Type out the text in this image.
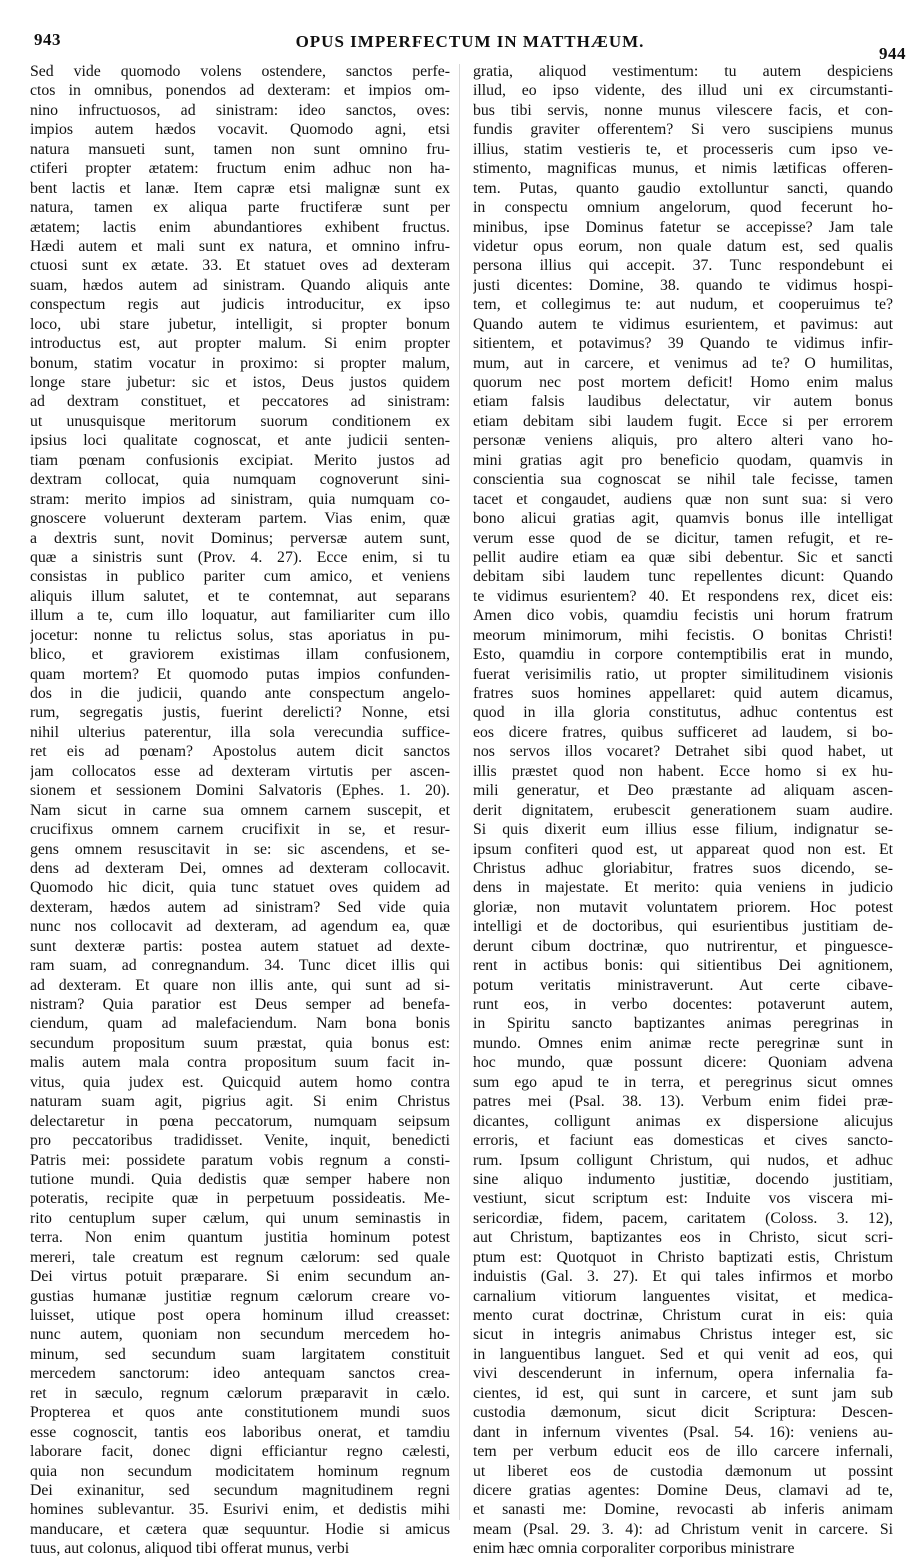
943	OPUS IMPERFECTUM IN MATTHÆUM.
944
Sed vide quomodo volens ostendere, sanctos perfe-
ctos in omnibus, ponendos ad dexteram: et impios om-
nino infructuosos, ad sinistram: ideo sanctos, oves:
impios autem hædos vocavit. Quomodo agni, etsi
natura mansueti sunt, tamen non sunt omnino fru-
ctiferi propter ætatem: fructum enim adhuc non ha-
bent lactis et lanæ. Item capræ etsi malignæ sunt ex
natura, tamen ex aliqua parte fructiferæ sunt per
ætatem; lactis enim abundantiores exhibent fructus.
Hædi autem et mali sunt ex natura, et omnino infru-
ctuosi sunt ex ætate. 33. Et statuet oves ad dexteram
suam, hædos autem ad sinistram. Quando aliquis ante
conspectum regis aut judicis introducitur, ex ipso
loco, ubi stare jubetur, intelligit, si propter bonum
introductus est, aut propter malum. Si enim propter
bonum, statim vocatur in proximo: si propter malum,
longe stare jubetur: sic et istos, Deus justos quidem
ad dextram constituet, et peccatores ad sinistram:
ut unusquisque meritorum suorum conditionem ex
ipsius loci qualitate cognoscat, et ante judicii senten-
tiam pœnam confusionis excipiat. Merito justos ad
dextram collocat, quia numquam cognoverunt sini-
stram: merito impios ad sinistram, quia numquam co-
gnoscere voluerunt dexteram partem. Vias enim, quæ
a dextris sunt, novit Dominus; perversæ autem sunt,
quæ a sinistris sunt (Prov. 4. 27). Ecce enim, si tu
consistas in publico pariter cum amico, et veniens
aliquis illum salutet, et te contemnat, aut separans
illum a te, cum illo loquatur, aut familiariter cum illo
jocetur: nonne tu relictus solus, stas aporiatus in pu-
blico, et graviorem existimas illam confusionem,
quam mortem? Et quomodo putas impios confunden-
dos in die judicii, quando ante conspectum angelo-
rum, segregatis justis, fuerint derelicti? Nonne, etsi
nihil ulterius paterentur, illa sola verecundia suffice-
ret eis ad pœnam? Apostolus autem dicit sanctos
jam collocatos esse ad dexteram virtutis per ascen-
sionem et sessionem Domini Salvatoris (Ephes. 1. 20).
Nam sicut in carne sua omnem carnem suscepit, et
crucifixus omnem carnem crucifixit in se, et resur-
gens omnem resuscitavit in se: sic ascendens, et se-
dens ad dexteram Dei, omnes ad dexteram collocavit.
Quomodo hic dicit, quia tunc statuet oves quidem ad
dexteram, hædos autem ad sinistram? Sed vide quia
nunc nos collocavit ad dexteram, ad agendum ea, quæ
sunt dexteræ partis: postea autem statuet ad dexte-
ram suam, ad conregnandum. 34. Tunc dicet illis qui
ad dexteram. Et quare non illis ante, qui sunt ad si-
nistram? Quia paratior est Deus semper ad benefa-
ciendum, quam ad malefaciendum. Nam bona bonis
secundum propositum suum præstat, quia bonus est:
malis autem mala contra propositum suum facit in-
vitus, quia judex est. Quicquid autem homo contra
naturam suam agit, pigrius agit. Si enim Christus
delectaretur in pœna peccatorum, numquam seipsum
pro peccatoribus tradidisset. Venite, inquit, benedicti
Patris mei: possidete paratum vobis regnum a consti-
tutione mundi. Quia dedistis quæ semper habere non
poteratis, recipite quæ in perpetuum possideatis. Me-
rito centuplum super cælum, qui unum seminastis in
terra. Non enim quantum justitia hominum potest
mereri, tale creatum est regnum cælorum: sed quale
Dei virtus potuit præparare. Si enim secundum an-
gustias humanæ justitiæ regnum cælorum creare vo-
luisset, utique post opera hominum illud creasset:
nunc autem, quoniam non secundum mercedem ho-
minum, sed secundum suam largitatem constituit
mercedem sanctorum: ideo antequam sanctos crea-
ret in sæculo, regnum cælorum præparavit in cælo.
Propterea et quos ante constitutionem mundi suos
esse cognoscit, tantis eos laboribus onerat, et tamdiu
laborare facit, donec digni efficiantur regno cælesti,
quia non secundum modicitatem hominum regnum
Dei exinanitur, sed secundum magnitudinem regni
homines sublevantur. 35. Esurivi enim, et dedistis mihi
manducare, et cætera quæ sequuntur. Hodie si amicus
tuus, aut colonus, aliquod tibi offerat munus, verbi
gratia, aliquod vestimentum: tu autem despiciens
illud, eo ipso vidente, des illud uni ex circumstanti-
bus tibi servis, nonne munus vilescere facis, et con-
fundis graviter offerentem? Si vero suscipiens munus
illius, statim vestieris te, et processeris cum ipso ve-
stimento, magnificas munus, et nimis lætificas offeren-
tem. Putas, quanto gaudio extolluntur sancti, quando
in conspectu omnium angelorum, quod fecerunt ho-
minibus, ipse Dominus fatetur se accepisse? Jam tale
videtur opus eorum, non quale datum est, sed qualis
persona illius qui accepit. 37. Tunc respondebunt ei
justi dicentes: Domine, 38. quando te vidimus hospi-
tem, et collegimus te: aut nudum, et cooperuimus te?
Quando autem te vidimus esurientem, et pavimus: aut
sitientem, et potavimus? 39 Quando te vidimus infir-
mum, aut in carcere, et venimus ad te? O humilitas,
quorum nec post mortem deficit! Homo enim malus
etiam falsis laudibus delectatur, vir autem bonus
etiam debitam sibi laudem fugit. Ecce si per errorem
personæ veniens aliquis, pro altero alteri vano ho-
mini gratias agit pro beneficio quodam, quamvis in
conscientia sua cognoscat se nihil tale fecisse, tamen
tacet et congaudet, audiens quæ non sunt sua: si vero
bono alicui gratias agit, quamvis bonus ille intelligat
verum esse quod de se dicitur, tamen refugit, et re-
pellit audire etiam ea quæ sibi debentur. Sic et sancti
debitam sibi laudem tunc repellentes dicunt: Quando
te vidimus esurientem? 40. Et respondens rex, dicet eis:
Amen dico vobis, quamdiu fecistis uni horum fratrum
meorum minimorum, mihi fecistis. O bonitas Christi!
Esto, quamdiu in corpore contemptibilis erat in mundo,
fuerat verisimilis ratio, ut propter similitudinem visionis
fratres suos homines appellaret: quid autem dicamus,
quod in illa gloria constitutus, adhuc contentus est
eos dicere fratres, quibus sufficeret ad laudem, si bo-
nos servos illos vocaret? Detrahet sibi quod habet, ut
illis præstet quod non habent. Ecce homo si ex hu-
mili generatur, et Deo præstante ad aliquam ascen-
derit dignitatem, erubescit generationem suam audire.
Si quis dixerit eum illius esse filium, indignatur se-
ipsum confiteri quod est, ut appareat quod non est. Et
Christus adhuc gloriabitur, fratres suos dicendo, se-
dens in majestate. Et merito: quia veniens in judicio
gloriæ, non mutavit voluntatem priorem. Hoc potest
intelligi et de doctoribus, qui esurientibus justitiam de-
derunt cibum doctrinæ, quo nutrirentur, et pinguesce-
rent in actibus bonis: qui sitientibus Dei agnitionem,
potum veritatis ministraverunt. Aut certe cibave-
runt eos, in verbo docentes: potaverunt autem,
in Spiritu sancto baptizantes animas peregrinas in
mundo. Omnes enim animæ recte peregrinæ sunt in
hoc mundo, quæ possunt dicere: Quoniam advena
sum ego apud te in terra, et peregrinus sicut omnes
patres mei (Psal. 38. 13). Verbum enim fidei præ-
dicantes, colligunt animas ex dispersione alicujus
erroris, et faciunt eas domesticas et cives sancto-
rum. Ipsum colligunt Christum, qui nudos, et adhuc
sine aliquo indumento justitiæ, docendo justitiam,
vestiunt, sicut scriptum est: Induite vos viscera mi-
sericordiæ, fidem, pacem, caritatem (Coloss. 3. 12),
aut Christum, baptizantes eos in Christo, sicut scri-
ptum est: Quotquot in Christo baptizati estis, Christum
induistis (Gal. 3. 27). Et qui tales infirmos et morbo
carnalium vitiorum languentes visitat, et medica-
mento curat doctrinæ, Christum curat in eis: quia
sicut in integris animabus Christus integer est, sic
in languentibus languet. Sed et qui venit ad eos, qui
vivi descenderunt in infernum, opera infernalia fa-
cientes, id est, qui sunt in carcere, et sunt jam sub
custodia dæmonum, sicut dicit Scriptura: Descen-
dant in infernum viventes (Psal. 54. 16): veniens au-
tem per verbum educit eos de illo carcere infernali,
ut liberet eos de custodia dæmonum ut possint
dicere gratias agentes: Domine Deus, clamavi ad te,
et sanasti me: Domine, revocasti ab inferis animam
meam (Psal. 29. 3. 4): ad Christum venit in carcere. Si
enim hæc omnia corporaliter corporibus ministrare
